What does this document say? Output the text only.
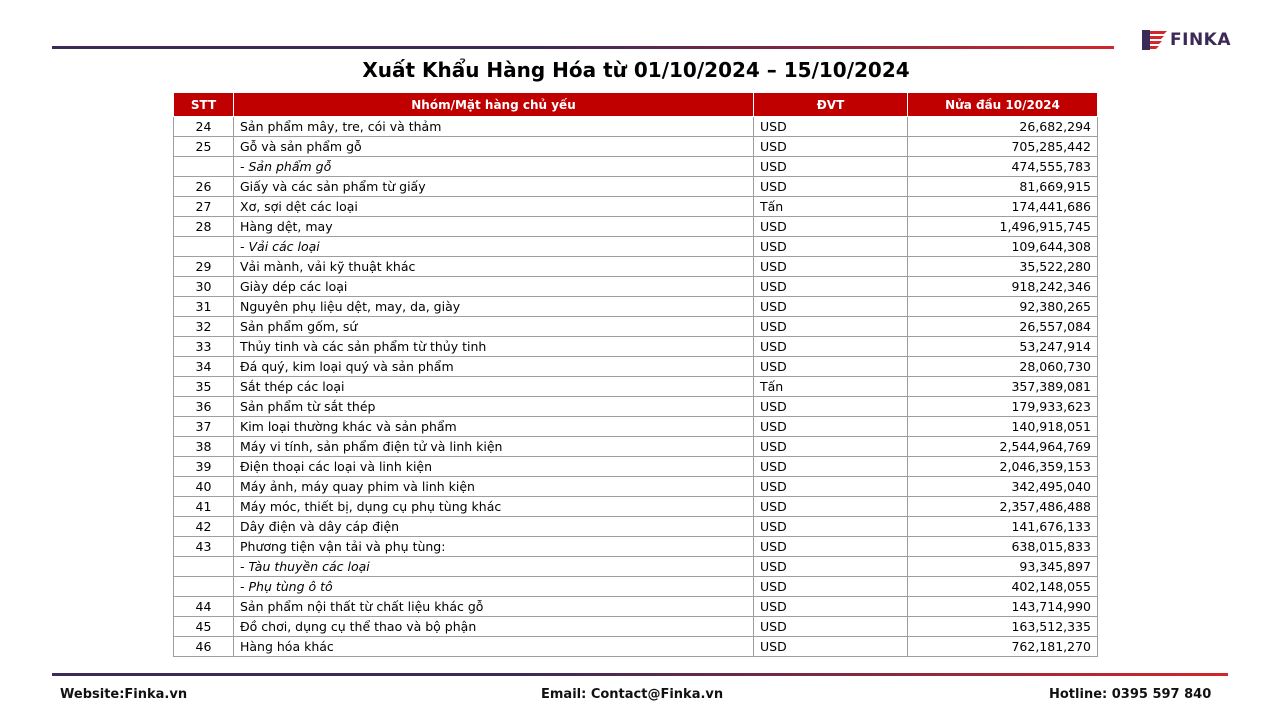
FINKA
Xuất Khẩu Hàng Hóa từ 01/10/2024 – 15/10/2024
STT	Nhóm/Mặt hàng chủ yếu	ĐVT	Nửa đầu 10/2024
24	Sản phẩm mây, tre, cói và thảm	USD	26,682,294
25	Gỗ và sản phẩm gỗ	USD	705,285,442
	- Sản phẩm gỗ	USD	474,555,783
26	Giấy và các sản phẩm từ giấy	USD	81,669,915
27	Xơ, sợi dệt các loại	Tấn	174,441,686
28	Hàng dệt, may	USD	1,496,915,745
	- Vải các loại	USD	109,644,308
29	Vải mành, vải kỹ thuật khác	USD	35,522,280
30	Giày dép các loại	USD	918,242,346
31	Nguyên phụ liệu dệt, may, da, giày	USD	92,380,265
32	Sản phẩm gốm, sứ	USD	26,557,084
33	Thủy tinh và các sản phẩm từ thủy tinh	USD	53,247,914
34	Đá quý, kim loại quý và sản phẩm	USD	28,060,730
35	Sắt thép các loại	Tấn	357,389,081
36	Sản phẩm từ sắt thép	USD	179,933,623
37	Kim loại thường khác và sản phẩm	USD	140,918,051
38	Máy vi tính, sản phẩm điện tử và linh kiện	USD	2,544,964,769
39	Điện thoại các loại và linh kiện	USD	2,046,359,153
40	Máy ảnh, máy quay phim và linh kiện	USD	342,495,040
41	Máy móc, thiết bị, dụng cụ phụ tùng khác	USD	2,357,486,488
42	Dây điện và dây cáp điện	USD	141,676,133
43	Phương tiện vận tải và phụ tùng:	USD	638,015,833
	- Tàu thuyền các loại	USD	93,345,897
	- Phụ tùng ô tô	USD	402,148,055
44	Sản phẩm nội thất từ chất liệu khác gỗ	USD	143,714,990
45	Đồ chơi, dụng cụ thể thao và bộ phận	USD	163,512,335
46	Hàng hóa khác	USD	762,181,270
Website:Finka.vn	Email: Contact@Finka.vn	Hotline: 0395 597 840
